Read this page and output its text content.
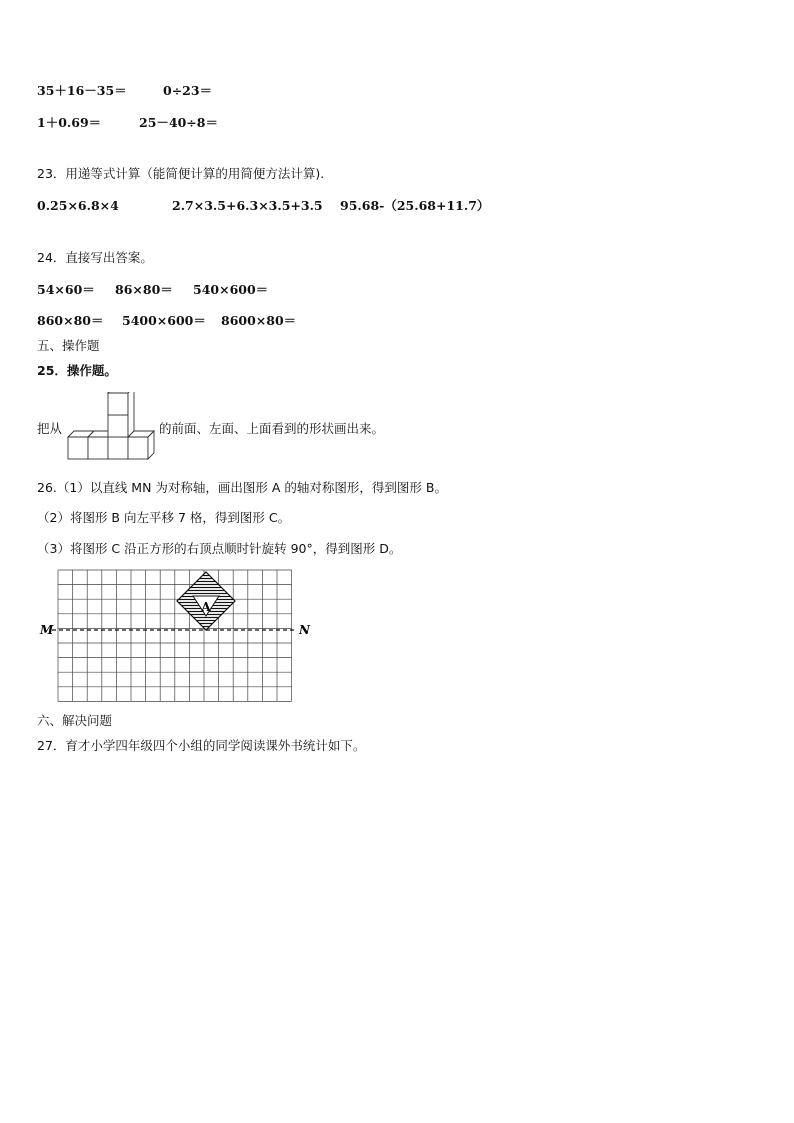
35＋16－35＝	0÷23＝
1＋0.69＝	25－40÷8＝
23．用递等式计算（能简便计算的用简便方法计算).
0.25×6.8×4	2.7×3.5+6.3×3.5+3.5 95.68-（25.68+11.7）
24．直接写出答案。
54×60＝ 86×80＝ 540×600＝
860×80＝ 5400×600＝ 8600×80＝
五、操作题
25．操作题。
把从	的前面、左面、上面看到的形状画出来。
26.（1）以直线 MN 为对称轴，画出图形 A 的轴对称图形，得到图形 B。
（2）将图形 B 向左平移 7 格，得到图形 C。
（3）将图形 C 沿正方形的右顶点顺时针旋转 90°，得到图形 D。
A
M	N
六、解决问题
27．育才小学四年级四个小组的同学阅读课外书统计如下。
